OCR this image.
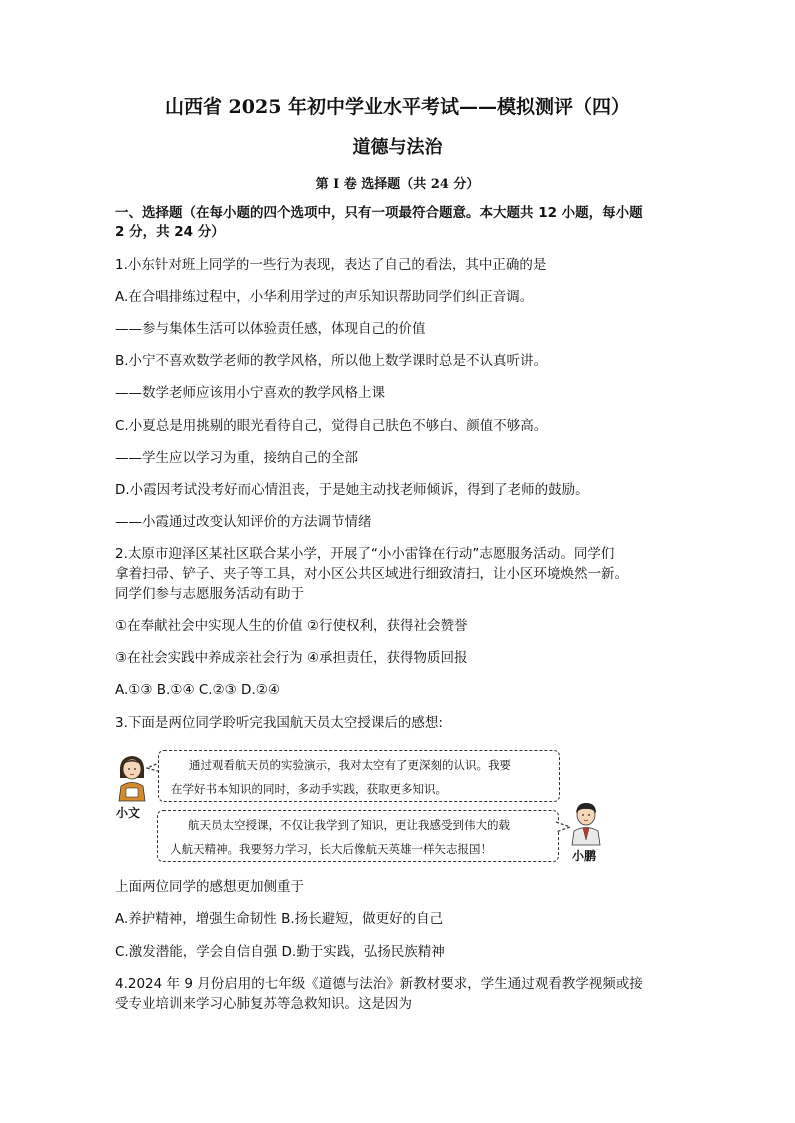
山西省 2025 年初中学业水平考试——模拟测评（四）
道德与法治
第 I 卷 选择题（共 24 分）
一、选择题（在每小题的四个选项中，只有一项最符合题意。本大题共 12 小题，每小题
2 分，共 24 分）
1.小东针对班上同学的一些行为表现，表达了自己的看法，其中正确的是
A.在合唱排练过程中，小华利用学过的声乐知识帮助同学们纠正音调。
——参与集体生活可以体验责任感，体现自己的价值
B.小宁不喜欢数学老师的教学风格，所以他上数学课时总是不认真听讲。
——数学老师应该用小宁喜欢的教学风格上课
C.小夏总是用挑剔的眼光看待自己，觉得自己肤色不够白、颜值不够高。
——学生应以学习为重，接纳自己的全部
D.小霞因考试没考好而心情沮丧，于是她主动找老师倾诉，得到了老师的鼓励。
——小霞通过改变认知评价的方法调节情绪
2.太原市迎泽区某社区联合某小学，开展了“小小雷锋在行动”志愿服务活动。同学们
拿着扫帚、铲子、夹子等工具，对小区公共区域进行细致清扫，让小区环境焕然一新。
同学们参与志愿服务活动有助于
①在奉献社会中实现人生的价值 ②行使权利，获得社会赞誉
③在社会实践中养成亲社会行为 ④承担责任，获得物质回报
A.①③ B.①④ C.②③ D.②④
3.下面是两位同学聆听完我国航天员太空授课后的感想:
小文
通过观看航天员的实验演示，我对太空有了更深刻的认识。我要
在学好书本知识的同时，多动手实践，获取更多知识。
航天员太空授课，不仅让我学到了知识，更让我感受到伟大的载
人航天精神。我要努力学习，长大后像航天英雄一样矢志报国！	小鹏
上面两位同学的感想更加侧重于
A.养护精神，增强生命韧性 B.扬长避短，做更好的自己
C.激发潜能，学会自信自强 D.勤于实践，弘扬民族精神
4.2024 年 9 月份启用的七年级《道德与法治》新教材要求，学生通过观看教学视频或接
受专业培训来学习心肺复苏等急救知识。这是因为
